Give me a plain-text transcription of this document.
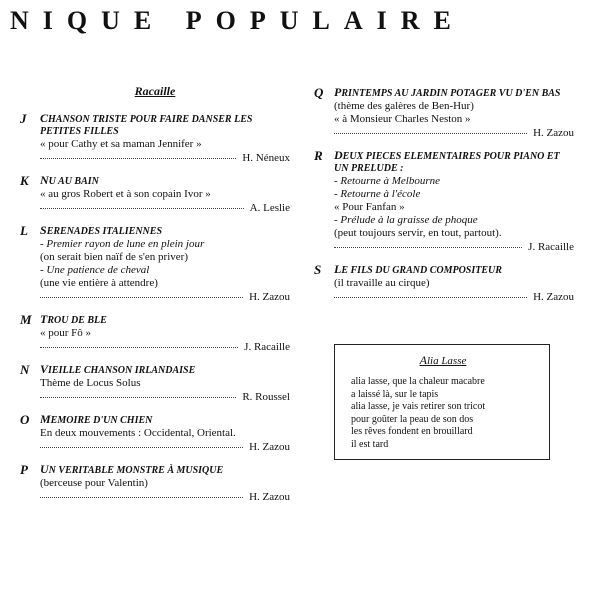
NIQUE POPULAIRE
Racaille
J	CHANSON TRISTE POUR FAIRE DANSER LES PETITES FILLES
« pour Cathy et sa maman Jennifer »
H. Néneux
K	NU AU BAIN
« au gros Robert et à son copain Ivor »
A. Leslie
L	SERENADES ITALIENNES
- Premier rayon de lune en plein jour
(on serait bien naïf de s'en priver)
- Une patience de cheval
(une vie entière à attendre)
H. Zazou
M TROU DE BLE
« pour Fô »
J. Racaille
N	VIEILLE CHANSON IRLANDAISE
Thème de Locus Solus
R. Roussel
O	MEMOIRE D'UN CHIEN
En deux mouvements : Occidental, Oriental.
H. Zazou
P	UN VERITABLE MONSTRE À MUSIQUE
(berceuse pour Valentin)
H. Zazou
Q	PRINTEMPS AU JARDIN POTAGER VU D'EN BAS
(thème des galères de Ben-Hur)
« à Monsieur Charles Neston »
H. Zazou
R	DEUX PIECES ELEMENTAIRES POUR PIANO ET UN PRELUDE :
- Retourne à Melbourne
- Retourne à l'école
« Pour Fanfan »
- Prélude à la graisse de phoque
(peut toujours servir, en tout, partout).
J. Racaille
S	LE FILS DU GRAND COMPOSITEUR
(il travaille au cirque)
H. Zazou
Alia Lasse
alia lasse, que la chaleur macabre
a laissé là, sur le tapis
alia lasse, je vais retirer son tricot
pour goûter la peau de son dos
les rêves fondent en brouillard
il est tard
